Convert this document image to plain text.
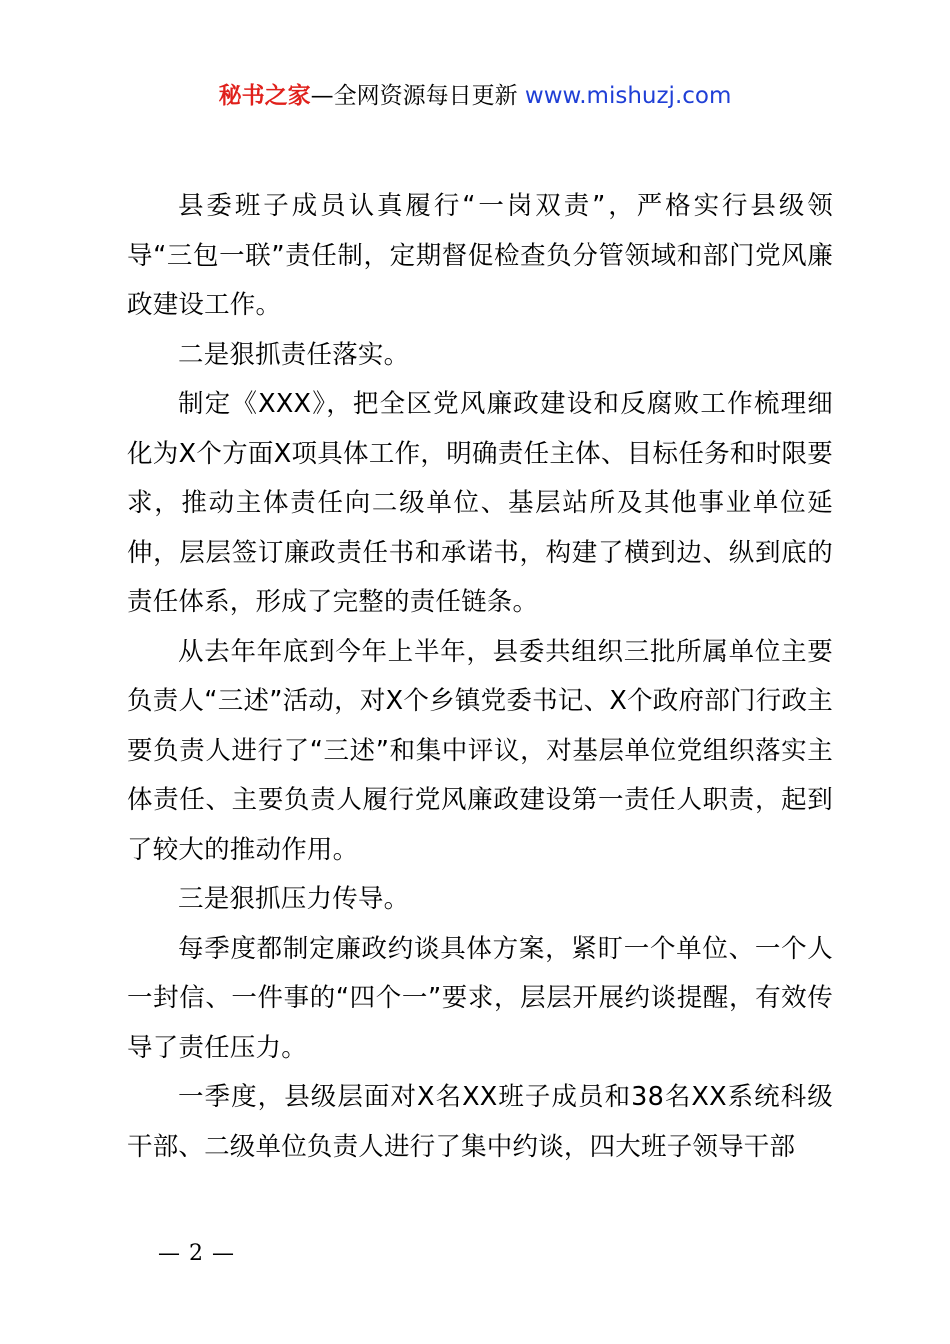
秘书之家—全网资源每日更新 www.mishuzj.com

县委班子成员认真履行“一岗双责”，严格实行县级领导“三包一联”责任制，定期督促检查负分管领域和部门党风廉政建设工作。

二是狠抓责任落实。

制定《XXX》，把全区党风廉政建设和反腐败工作梳理细化为X个方面X项具体工作，明确责任主体、目标任务和时限要求，推动主体责任向二级单位、基层站所及其他事业单位延伸，层层签订廉政责任书和承诺书，构建了横到边、纵到底的责任体系，形成了完整的责任链条。

从去年年底到今年上半年，县委共组织三批所属单位主要负责人“三述”活动，对X个乡镇党委书记、X个政府部门行政主要负责人进行了“三述”和集中评议，对基层单位党组织落实主体责任、主要负责人履行党风廉政建设第一责任人职责，起到了较大的推动作用。

三是狠抓压力传导。

每季度都制定廉政约谈具体方案，紧盯一个单位、一个人一封信、一件事的“四个一”要求，层层开展约谈提醒，有效传导了责任压力。

一季度，县级层面对X名XX班子成员和38名XX系统科级干部、二级单位负责人进行了集中约谈，四大班子领导干部

— 2 —
